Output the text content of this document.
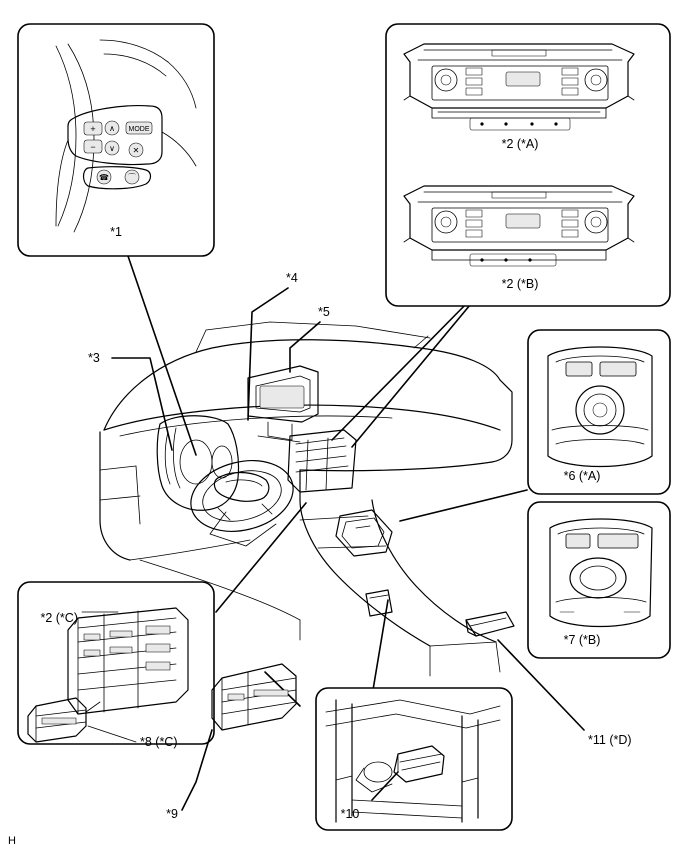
+
−
∧
∨
MODE
✕
☎ ⌒
*1
*2 (*A)
*2 (*B)
*6 (*A)
*7 (*B)
*2 (*C)
*8 (*C)
*9	*10
*3
*4
*5
*11 (*D)
H
